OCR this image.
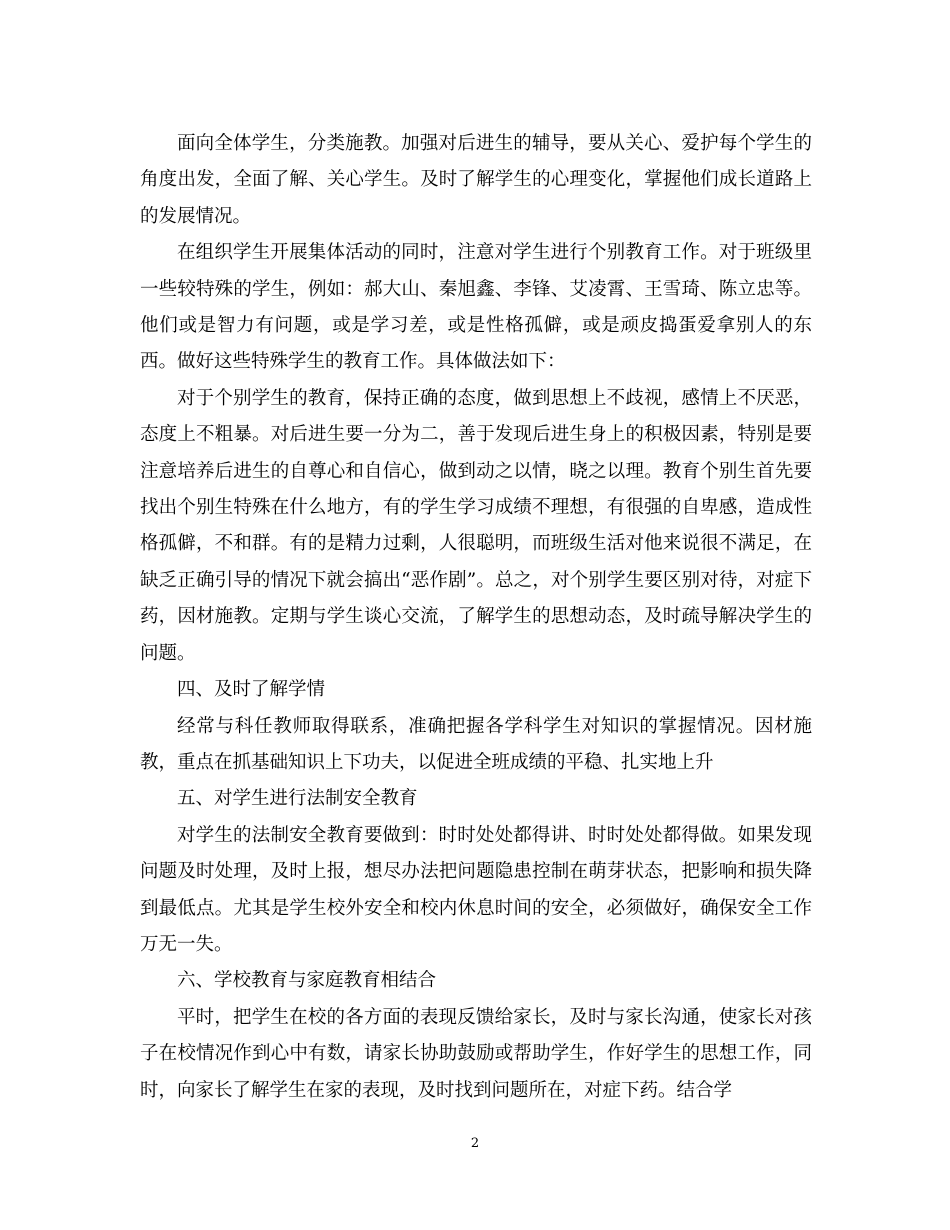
面向全体学生，分类施教。加强对后进生的辅导，要从关心、爱护每个学生的角度出发，全面了解、关心学生。及时了解学生的心理变化，掌握他们成长道路上的发展情况。

在组织学生开展集体活动的同时，注意对学生进行个别教育工作。对于班级里一些较特殊的学生，例如：郝大山、秦旭鑫、李锋、艾凌霄、王雪琦、陈立忠等。他们或是智力有问题，或是学习差，或是性格孤僻，或是顽皮捣蛋爱拿别人的东西。做好这些特殊学生的教育工作。具体做法如下：

对于个别学生的教育，保持正确的态度，做到思想上不歧视，感情上不厌恶，态度上不粗暴。对后进生要一分为二，善于发现后进生身上的积极因素，特别是要注意培养后进生的自尊心和自信心，做到动之以情，晓之以理。教育个别生首先要找出个别生特殊在什么地方，有的学生学习成绩不理想，有很强的自卑感，造成性格孤僻，不和群。有的是精力过剩，人很聪明，而班级生活对他来说很不满足，在缺乏正确引导的情况下就会搞出“恶作剧”。总之，对个别学生要区别对待，对症下药，因材施教。定期与学生谈心交流，了解学生的思想动态，及时疏导解决学生的问题。

四、及时了解学情

经常与科任教师取得联系，准确把握各学科学生对知识的掌握情况。因材施教，重点在抓基础知识上下功夫，以促进全班成绩的平稳、扎实地上升

五、对学生进行法制安全教育

对学生的法制安全教育要做到：时时处处都得讲、时时处处都得做。如果发现问题及时处理，及时上报，想尽办法把问题隐患控制在萌芽状态，把影响和损失降到最低点。尤其是学生校外安全和校内休息时间的安全，必须做好，确保安全工作万无一失。

六、学校教育与家庭教育相结合

平时，把学生在校的各方面的表现反馈给家长，及时与家长沟通，使家长对孩子在校情况作到心中有数，请家长协助鼓励或帮助学生，作好学生的思想工作，同时，向家长了解学生在家的表现，及时找到问题所在，对症下药。结合学

2
